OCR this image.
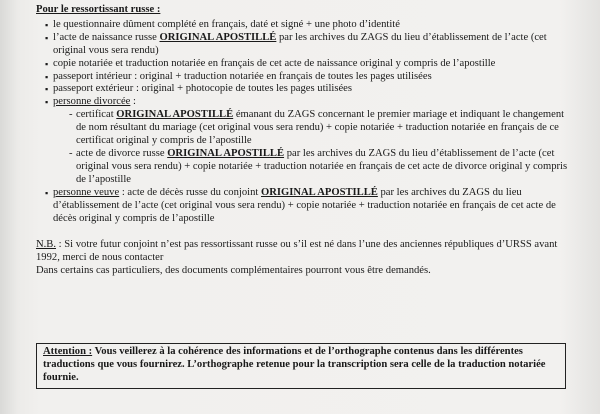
Pour le ressortissant russe :

▪ le questionnaire dûment complété en français, daté et signé + une photo d’identité
▪ l’acte de naissance russe ORIGINAL APOSTILLÉ par les archives du ZAGS du lieu d’établissement de l’acte (cet original vous sera rendu)
▪ copie notariée et traduction notariée en français de cet acte de naissance original y compris de l’apostille
▪ passeport intérieur : original + traduction notariée en français de toutes les pages utilisées
▪ passeport extérieur : original + photocopie de toutes les pages utilisées
▪ personne divorcée :
- certificat ORIGINAL APOSTILLÉ émanant du ZAGS concernant le premier mariage et indiquant le changement de nom résultant du mariage (cet original vous sera rendu) + copie notariée + traduction notariée en français de ce certificat original y compris de l’apostille
- acte de divorce russe ORIGINAL APOSTILLÉ par les archives du ZAGS du lieu d’établissement de l’acte (cet original vous sera rendu) + copie notariée + traduction notariée en français de cet acte de divorce original y compris de l’apostille
▪ personne veuve : acte de décès russe du conjoint ORIGINAL APOSTILLÉ par les archives du ZAGS du lieu d’établissement de l’acte (cet original vous sera rendu) + copie notariée + traduction notariée en français de cet acte de décès original y compris de l’apostille

N.B. : Si votre futur conjoint n’est pas ressortissant russe ou s’il est né dans l’une des anciennes républiques d’URSS avant 1992, merci de nous contacter

Dans certains cas particuliers, des documents complémentaires pourront vous être demandés.

Attention : Vous veillerez à la cohérence des informations et de l’orthographe contenus dans les différentes traductions que vous fournirez. L’orthographe retenue pour la transcription sera celle de la traduction notariée fournie.
